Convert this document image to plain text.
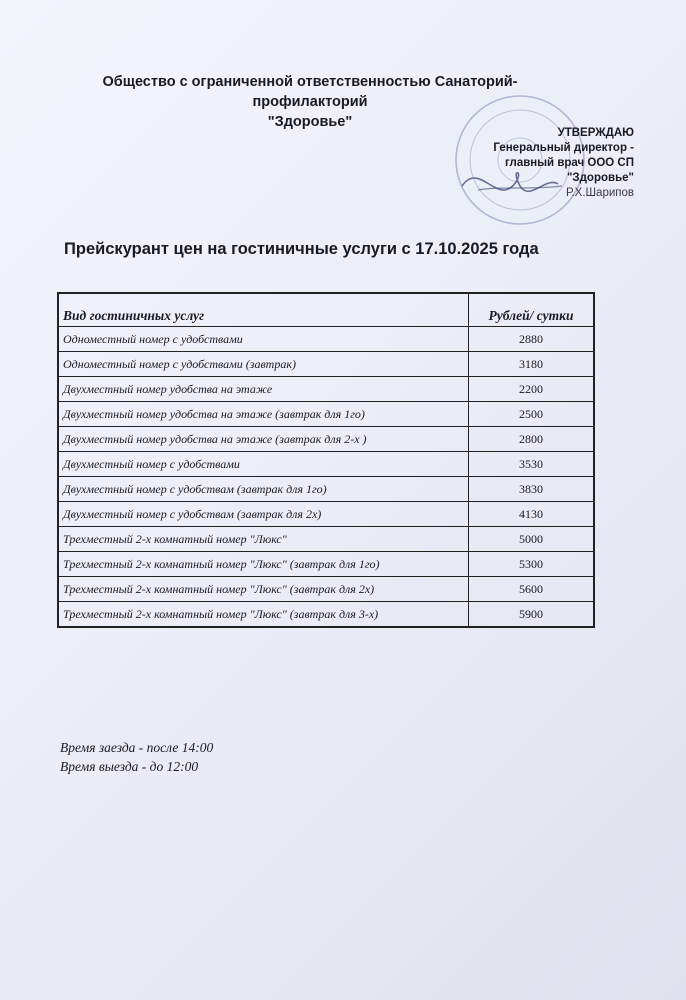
Общество с ограниченной ответственностью Санаторий-профилакторий
"Здоровье"
УТВЕРЖДАЮ
Генеральный директор -
главный врач ООО СП
"Здоровье"
Р.Х.Шарипов
Прейскурант цен на гостиничные услуги с 17.10.2025 года
Вид гостиничных услуг	Рублей/ сутки
Одноместный номер с удобствами	2880
Одноместный номер с удобствами (завтрак)	3180
Двухместный номер удобства на этаже	2200
Двухместный номер удобства на этаже (завтрак для 1го)	2500
Двухместный номер удобства на этаже (завтрак для 2-х )	2800
Двухместный номер с удобствами	3530
Двухместный номер с удобствам (завтрак для 1го)	3830
Двухместный номер с удобствам (завтрак для 2х)	4130
Трехместный 2-х комнатный номер "Люкс"	5000
Трехместный 2-х комнатный номер "Люкс" (завтрак для 1го)	5300
Трехместный 2-х комнатный номер "Люкс" (завтрак для 2х)	5600
Трехместный 2-х комнатный номер "Люкс" (завтрак для 3-х)	5900
Время заезда - после 14:00
Время выезда - до 12:00
